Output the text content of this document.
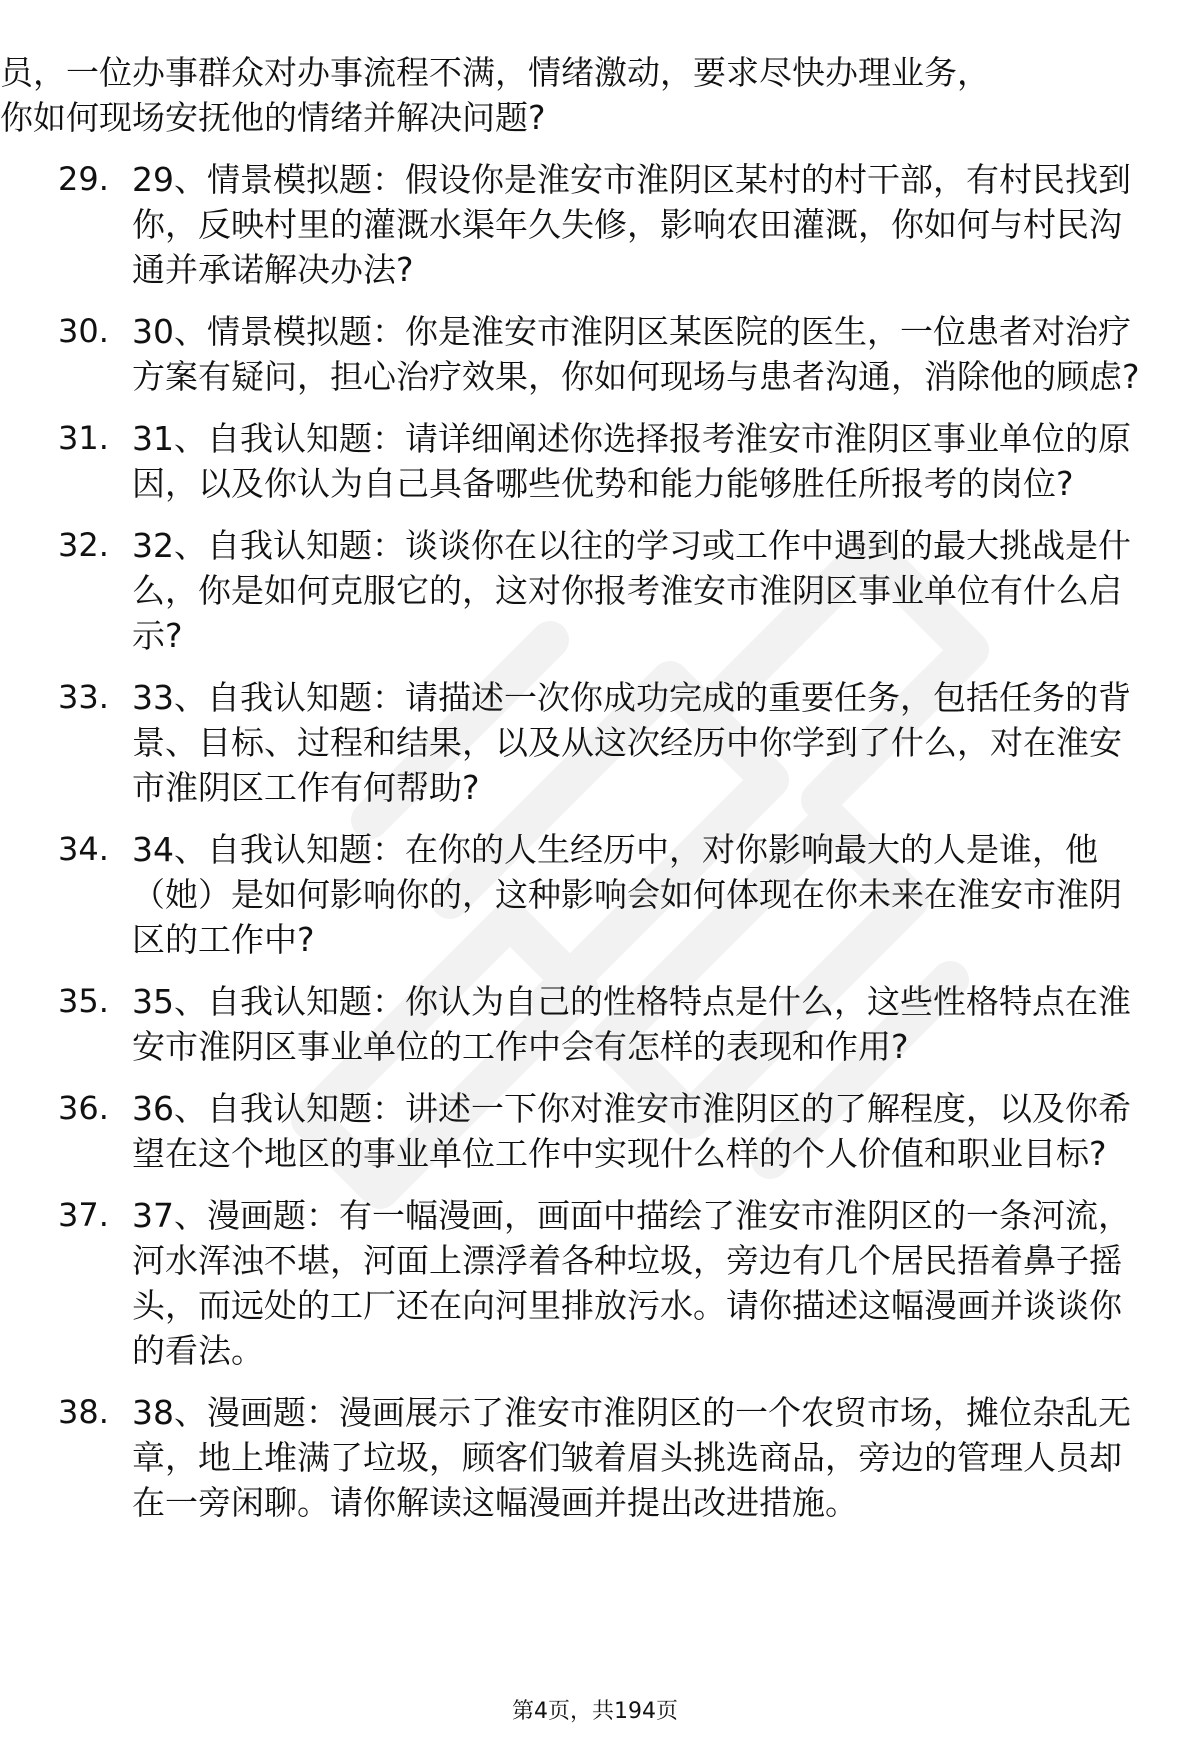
员，一位办事群众对办事流程不满，情绪激动，要求尽快办理业务，你如何现场安抚他的情绪并解决问题?

29. 29、情景模拟题：假设你是淮安市淮阴区某村的村干部，有村民找到你，反映村里的灌溉水渠年久失修，影响农田灌溉，你如何与村民沟通并承诺解决办法?
30. 30、情景模拟题：你是淮安市淮阴区某医院的医生，一位患者对治疗方案有疑问，担心治疗效果，你如何现场与患者沟通，消除他的顾虑?
31. 31、自我认知题：请详细阐述你选择报考淮安市淮阴区事业单位的原因，以及你认为自己具备哪些优势和能力能够胜任所报考的岗位?
32. 32、自我认知题：谈谈你在以往的学习或工作中遇到的最大挑战是什么，你是如何克服它的，这对你报考淮安市淮阴区事业单位有什么启示?
33. 33、自我认知题：请描述一次你成功完成的重要任务，包括任务的背景、目标、过程和结果，以及从这次经历中你学到了什么，对在淮安市淮阴区工作有何帮助?
34. 34、自我认知题：在你的人生经历中，对你影响最大的人是谁，他（她）是如何影响你的，这种影响会如何体现在你未来在淮安市淮阴区的工作中?
35. 35、自我认知题：你认为自己的性格特点是什么，这些性格特点在淮安市淮阴区事业单位的工作中会有怎样的表现和作用?
36. 36、自我认知题：讲述一下你对淮安市淮阴区的了解程度，以及你希望在这个地区的事业单位工作中实现什么样的个人价值和职业目标?
37. 37、漫画题：有一幅漫画，画面中描绘了淮安市淮阴区的一条河流，河水浑浊不堪，河面上漂浮着各种垃圾，旁边有几个居民捂着鼻子摇头，而远处的工厂还在向河里排放污水。请你描述这幅漫画并谈谈你的看法。
38. 38、漫画题：漫画展示了淮安市淮阴区的一个农贸市场，摊位杂乱无章，地上堆满了垃圾，顾客们皱着眉头挑选商品，旁边的管理人员却在一旁闲聊。请你解读这幅漫画并提出改进措施。
第4页，共194页
